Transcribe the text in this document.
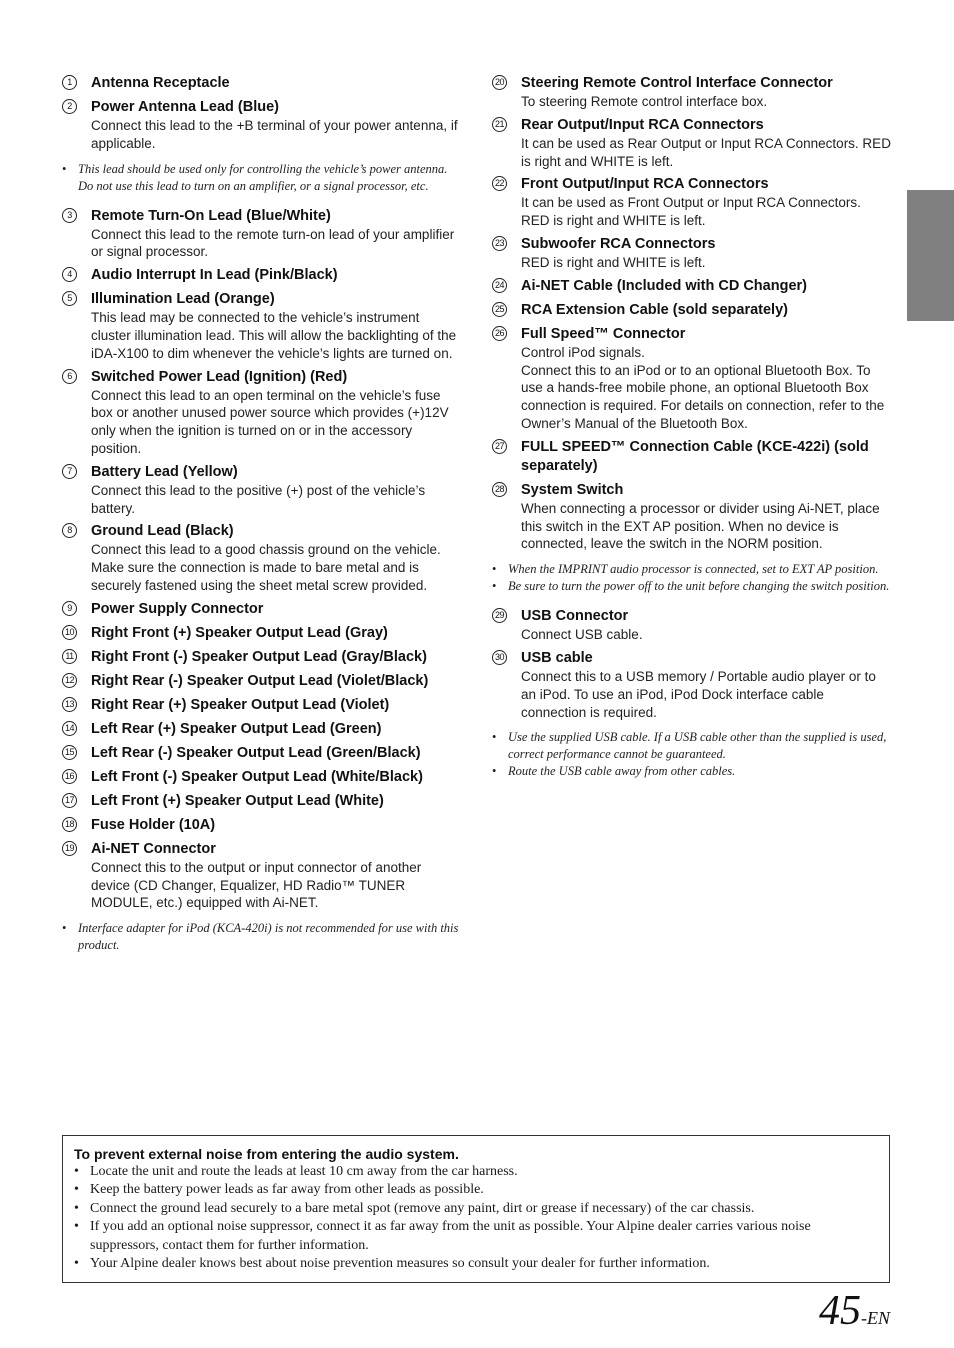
1	Antenna Receptacle
2	Power Antenna Lead (Blue)
Connect this lead to the +B terminal of your power antenna, if applicable.
• This lead should be used only for controlling the vehicle’s power antenna. Do not use this lead to turn on an amplifier, or a signal processor, etc.
3	Remote Turn-On Lead (Blue/White)
Connect this lead to the remote turn-on lead of your amplifier or signal processor.
4	Audio Interrupt In Lead (Pink/Black)
5	Illumination Lead (Orange)
This lead may be connected to the vehicle’s instrument cluster illumination lead. This will allow the backlighting of the iDA-X100 to dim whenever the vehicle’s lights are turned on.
6	Switched Power Lead (Ignition) (Red)
Connect this lead to an open terminal on the vehicle’s fuse box or another unused power source which provides (+)12V only when the ignition is turned on or in the accessory position.
7	Battery Lead (Yellow)
Connect this lead to the positive (+) post of the vehicle’s battery.
8	Ground Lead (Black)
Connect this lead to a good chassis ground on the vehicle. Make sure the connection is made to bare metal and is securely fastened using the sheet metal screw provided.
9	Power Supply Connector
10 Right Front (+) Speaker Output Lead (Gray)
11 Right Front (-) Speaker Output Lead (Gray/Black)
12 Right Rear (-) Speaker Output Lead (Violet/Black)
13 Right Rear (+) Speaker Output Lead (Violet)
14 Left Rear (+) Speaker Output Lead (Green)
15 Left Rear (-) Speaker Output Lead (Green/Black)
16 Left Front (-) Speaker Output Lead (White/Black)
17 Left Front (+) Speaker Output Lead (White)
18 Fuse Holder (10A)
19 Ai-NET Connector
Connect this to the output or input connector of another device (CD Changer, Equalizer, HD Radio™ TUNER MODULE, etc.) equipped with Ai-NET.
• Interface adapter for iPod (KCA-420i) is not recommended for use with this product.
20 Steering Remote Control Interface Connector
To steering Remote control interface box.
21 Rear Output/Input RCA Connectors
It can be used as Rear Output or Input RCA Connectors. RED is right and WHITE is left.
22 Front Output/Input RCA Connectors
It can be used as Front Output or Input RCA Connectors. RED is right and WHITE is left.
23 Subwoofer RCA Connectors
RED is right and WHITE is left.
24 Ai-NET Cable (Included with CD Changer)
25 RCA Extension Cable (sold separately)
26 Full Speed™ Connector
Control iPod signals.
Connect this to an iPod or to an optional Bluetooth Box. To use a hands-free mobile phone, an optional Bluetooth Box connection is required. For details on connection, refer to the Owner’s Manual of the Bluetooth Box.
27 FULL SPEED™ Connection Cable (KCE-422i) (sold separately)
28 System Switch
When connecting a processor or divider using Ai-NET, place this switch in the EXT AP position. When no device is connected, leave the switch in the NORM position.
• When the IMPRINT audio processor is connected, set to EXT AP position.
• Be sure to turn the power off to the unit before changing the switch position.
29 USB Connector
Connect USB cable.
30 USB cable
Connect this to a USB memory / Portable audio player or to an iPod. To use an iPod, iPod Dock interface cable connection is required.
• Use the supplied USB cable. If a USB cable other than the supplied is used, correct performance cannot be guaranteed.
• Route the USB cable away from other cables.
To prevent external noise from entering the audio system.
• Locate the unit and route the leads at least 10 cm away from the car harness.
• Keep the battery power leads as far away from other leads as possible.
• Connect the ground lead securely to a bare metal spot (remove any paint, dirt or grease if necessary) of the car chassis.
• If you add an optional noise suppressor, connect it as far away from the unit as possible. Your Alpine dealer carries various noise suppressors, contact them for further information.
• Your Alpine dealer knows best about noise prevention measures so consult your dealer for further information.
45-EN
